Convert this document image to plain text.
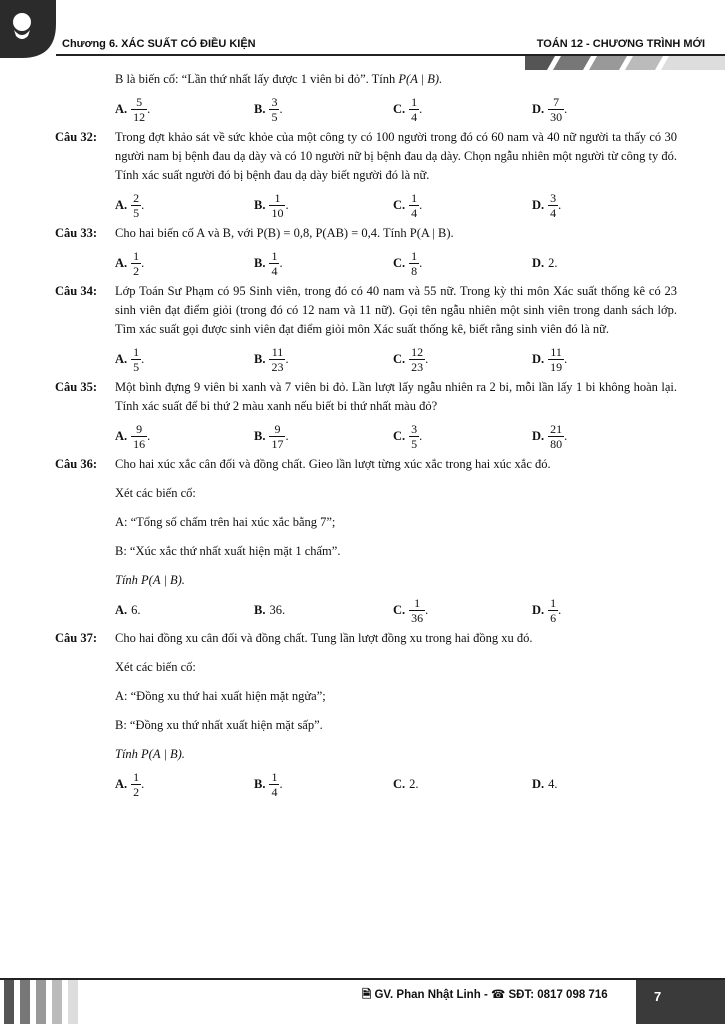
Chương 6. XÁC SUẤT CÓ ĐIỀU KIỆN	TOÁN 12 - CHƯƠNG TRÌNH MỚI
B là biến cố: “Lần thứ nhất lấy được 1 viên bi đỏ”. Tính P(A | B).
A. $\frac{5}{12}$ .	B. $\frac{3}{5}$ .	C. $\frac{1}{4}$ .	D. $\frac{7}{30}$ .
Câu 32: Trong đợt khảo sát về sức khỏe của một công ty có 100 người trong đó có 60 nam và 40 nữ người ta thấy có 30 người nam bị bệnh đau dạ dày và có 10 người nữ bị bệnh đau dạ dày. Chọn ngẫu nhiên một người từ công ty đó. Tính xác suất người đó bị bệnh đau dạ dày biết người đó là nữ.
A. $\frac{2}{5}$ .	B. $\frac{1}{10}$ .	C. $\frac{1}{4}$ .	D. $\frac{3}{4}$ .
Câu 33: Cho hai biến cố A và B, với P(B) = 0,8, P(AB) = 0,4. Tính P(A | B).
A. $\frac{1}{2}$ .	B. $\frac{1}{4}$ .	C. $\frac{1}{8}$ .	D. 2.
Câu 34: Lớp Toán Sư Phạm có 95 Sinh viên, trong đó có 40 nam và 55 nữ. Trong kỳ thi môn Xác suất thống kê có 23 sinh viên đạt điểm giỏi (trong đó có 12 nam và 11 nữ). Gọi tên ngẫu nhiên một sinh viên trong danh sách lớp. Tìm xác suất gọi được sinh viên đạt điểm giỏi môn Xác suất thống kê, biết rằng sinh viên đó là nữ.
A. $\frac{1}{5}$ .	B. $\frac{11}{23}$ .	C. $\frac{12}{23}$ .	D. $\frac{11}{19}$ .
Câu 35: Một bình đựng 9 viên bi xanh và 7 viên bi đỏ. Lần lượt lấy ngẫu nhiên ra 2 bi, mỗi lần lấy 1 bi không hoàn lại. Tính xác suất để bi thứ 2 màu xanh nếu biết bi thứ nhất màu đỏ?
A. $\frac{9}{16}$ .	B. $\frac{9}{17}$ .	C. $\frac{3}{5}$ .	D. $\frac{21}{80}$ .
Câu 36: Cho hai xúc xắc cân đối và đồng chất. Gieo lần lượt từng xúc xắc trong hai xúc xắc đó.
Xét các biến cố:
A: “Tổng số chấm trên hai xúc xắc bằng 7”;
B: “Xúc xắc thứ nhất xuất hiện mặt 1 chấm”.
Tính P(A | B).
A. 6.	B. 36.	C. $\frac{1}{36}$ .	D. $\frac{1}{6}$ .
Câu 37: Cho hai đồng xu cân đối và đồng chất. Tung lần lượt đồng xu trong hai đồng xu đó.
Xét các biến cố:
A: “Đồng xu thứ hai xuất hiện mặt ngửa”;
B: “Đồng xu thứ nhất xuất hiện mặt sấp”.
Tính P(A | B).
A. $\frac{1}{2}$ .	B. $\frac{1}{4}$ .	C. 2.	D. 4.
🗎 GV. Phan Nhật Linh - ☎ SĐT: 0817 098 716	7
